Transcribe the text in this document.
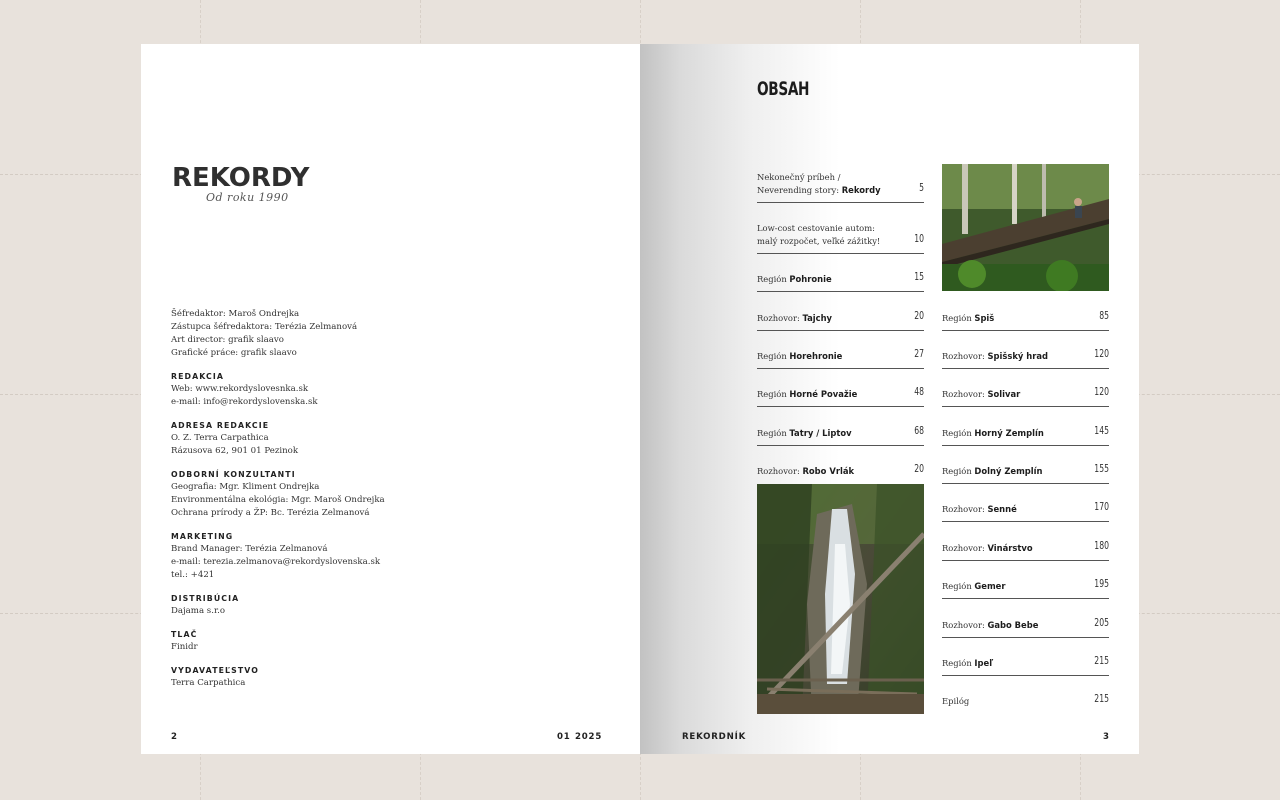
REKORDY
Od roku 1990
Šéfredaktor: Maroš Ondrejka
Zástupca šéfredaktora: Terézia Zelmanová
Art director: grafik slaavo
Grafické práce: grafik slaavo
REDAKCIA
Web: www.rekordyslovesnka.sk
e-mail: info@rekordyslovenska.sk
ADRESA REDAKCIE
O. Z. Terra Carpathica
Rázusova 62, 901 01 Pezinok
ODBORNÍ KONZULTANTI
Geografia: Mgr. Kliment Ondrejka
Environmentálna ekológia: Mgr. Maroš Ondrejka
Ochrana prírody a ŽP: Bc. Terézia Zelmanová
MARKETING
Brand Manager: Terézia Zelmanová
e-mail: terezia.zelmanova@rekordyslovenska.sk
tel.: +421
DISTRIBÚCIA
Dajama s.r.o
TLAČ
Finidr
VYDAVATEĽSTVO
Terra Carpathica
2	01 2025
OBSAH
Nekonečný príbeh / Neverending story: Rekordy	5
Low-cost cestovanie autom: malý rozpočet, veľké zážitky!	10
Región Pohronie	15
Rozhovor: Tajchy	20
Región Horehronie	27
Región Horné Považie	48
Región Tatry / Liptov	68
Rozhovor: Robo Vrlák	20
Región Spiš	85
Rozhovor: Spišský hrad	120
Rozhovor: Solivar	120
Región Horný Zemplín	145
Región Dolný Zemplín	155
Rozhovor: Senné	170
Rozhovor: Vinárstvo	180
Región Gemer	195
Rozhovor: Gabo Bebe	205
Región Ipeľ	215
Epilóg	215
REKORDNÍK	3
